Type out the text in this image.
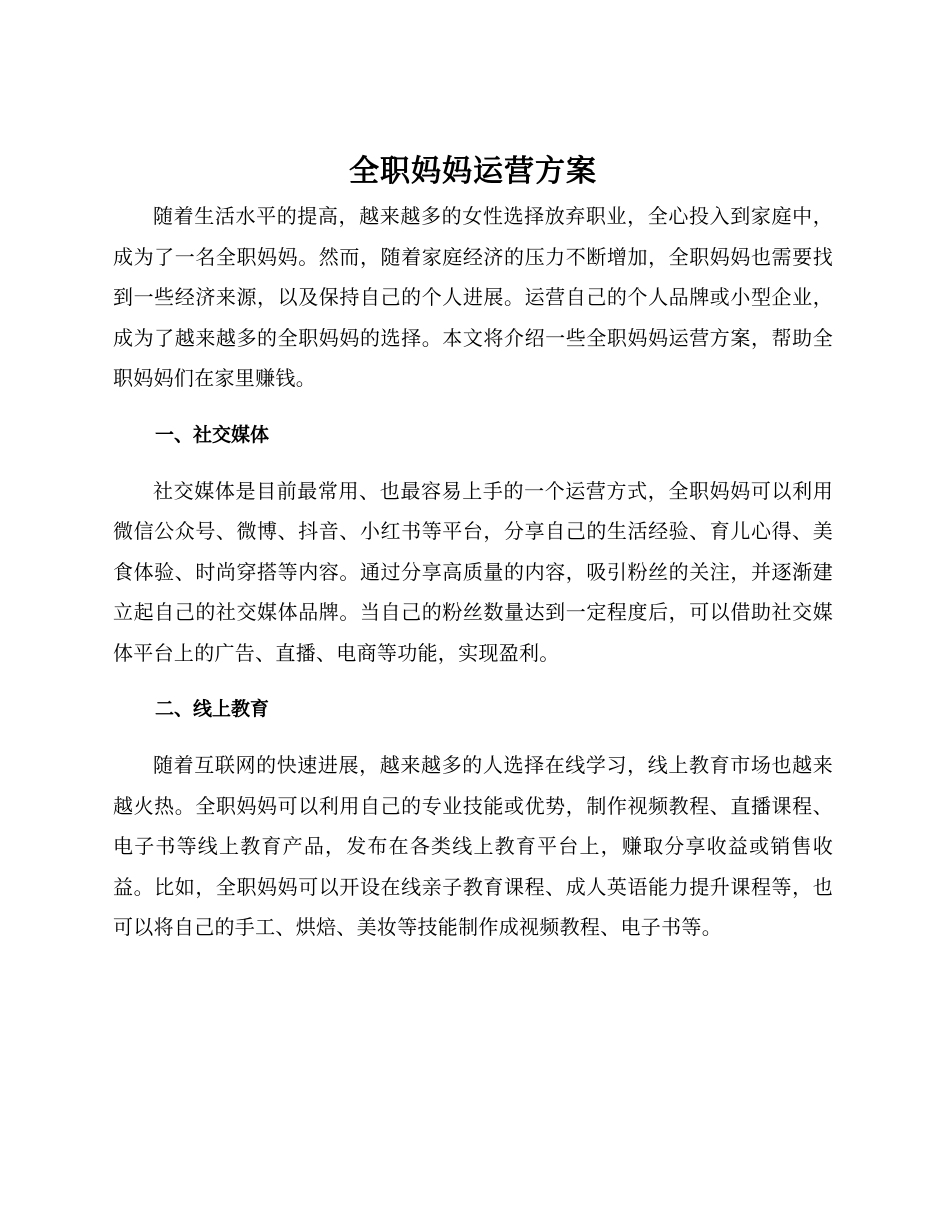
全职妈妈运营方案

随着生活水平的提高，越来越多的女性选择放弃职业，全心投入到家庭中，成为了一名全职妈妈。然而，随着家庭经济的压力不断增加，全职妈妈也需要找到一些经济来源，以及保持自己的个人进展。运营自己的个人品牌或小型企业，成为了越来越多的全职妈妈的选择。本文将介绍一些全职妈妈运营方案，帮助全职妈妈们在家里赚钱。

一、社交媒体

社交媒体是目前最常用、也最容易上手的一个运营方式，全职妈妈可以利用微信公众号、微博、抖音、小红书等平台，分享自己的生活经验、育儿心得、美食体验、时尚穿搭等内容。通过分享高质量的内容，吸引粉丝的关注，并逐渐建立起自己的社交媒体品牌。当自己的粉丝数量达到一定程度后，可以借助社交媒体平台上的广告、直播、电商等功能，实现盈利。

二、线上教育

随着互联网的快速进展，越来越多的人选择在线学习，线上教育市场也越来越火热。全职妈妈可以利用自己的专业技能或优势，制作视频教程、直播课程、电子书等线上教育产品，发布在各类线上教育平台上，赚取分享收益或销售收益。比如，全职妈妈可以开设在线亲子教育课程、成人英语能力提升课程等，也可以将自己的手工、烘焙、美妆等技能制作成视频教程、电子书等。
